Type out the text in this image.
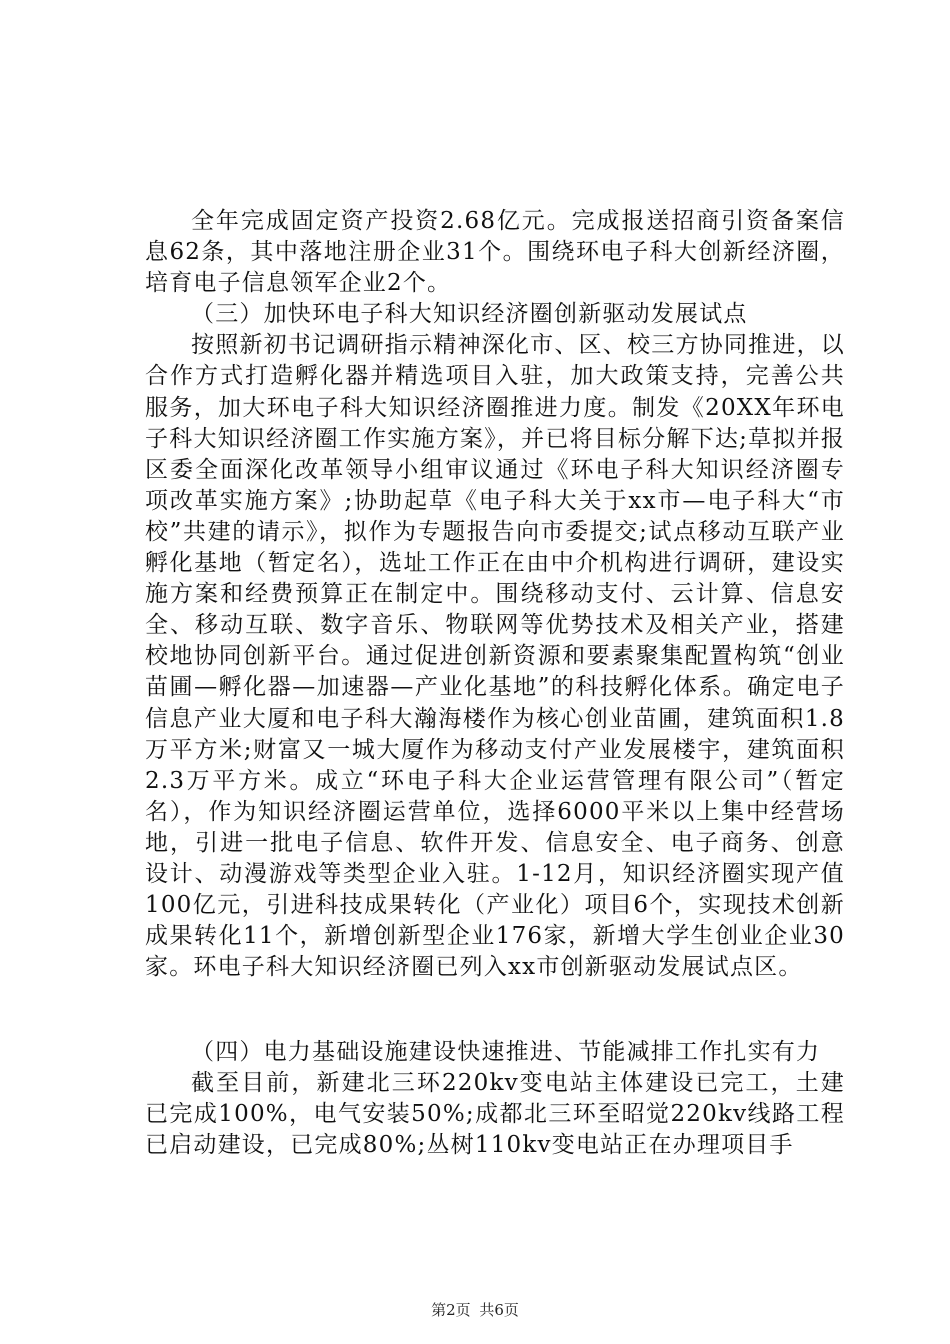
全年完成固定资产投资2.68亿元。完成报送招商引资备案信息62条，其中落地注册企业31个。围绕环电子科大创新经济圈，培育电子信息领军企业2个。

（三）加快环电子科大知识经济圈创新驱动发展试点

按照新初书记调研指示精神深化市、区、校三方协同推进，以合作方式打造孵化器并精选项目入驻，加大政策支持，完善公共服务，加大环电子科大知识经济圈推进力度。制发《20XX年环电子科大知识经济圈工作实施方案》，并已将目标分解下达;草拟并报区委全面深化改革领导小组审议通过《环电子科大知识经济圈专项改革实施方案》;协助起草《电子科大关于xx市—电子科大“市校”共建的请示》，拟作为专题报告向市委提交;试点移动互联产业孵化基地（暂定名），选址工作正在由中介机构进行调研，建设实施方案和经费预算正在制定中。围绕移动支付、云计算、信息安全、移动互联、数字音乐、物联网等优势技术及相关产业，搭建校地协同创新平台。通过促进创新资源和要素聚集配置构筑“创业苗圃—孵化器—加速器—产业化基地”的科技孵化体系。确定电子信息产业大厦和电子科大瀚海楼作为核心创业苗圃，建筑面积1.8万平方米;财富又一城大厦作为移动支付产业发展楼宇，建筑面积2.3万平方米。成立“环电子科大企业运营管理有限公司”（暂定名），作为知识经济圈运营单位，选择6000平米以上集中经营场地，引进一批电子信息、软件开发、信息安全、电子商务、创意设计、动漫游戏等类型企业入驻。1-12月，知识经济圈实现产值100亿元，引进科技成果转化（产业化）项目6个，实现技术创新成果转化11个，新增创新型企业176家，新增大学生创业企业30家。环电子科大知识经济圈已列入xx市创新驱动发展试点区。

（四）电力基础设施建设快速推进、节能减排工作扎实有力

截至目前，新建北三环220kv变电站主体建设已完工，土建已完成100%，电气安装50%;成都北三环至昭觉220kv线路工程已启动建设，已完成80%;丛树110kv变电站正在办理项目手

第2页 共6页
